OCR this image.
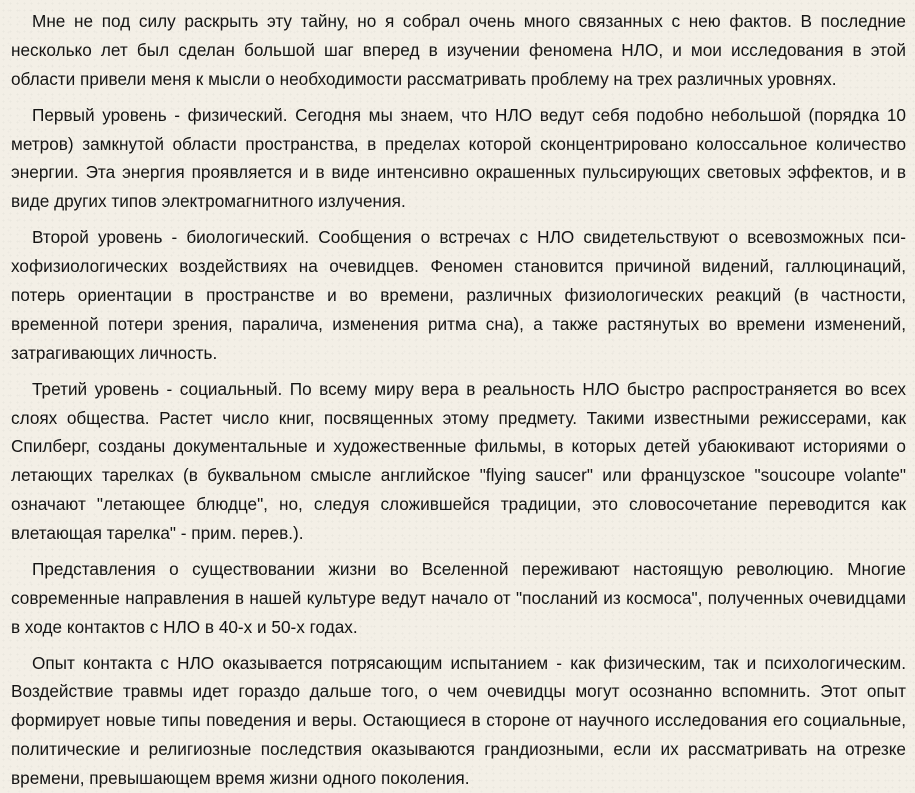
Мне не под силу раскрыть эту тайну, но я собрал очень много связанных с нею фактов. В последние несколько лет был сделан большой шаг вперед в изучении феномена НЛО, и мои исследования в этой области привели меня к мысли о необходимости рассматривать проблему на трех различных уровнях.

Первый уровень - физический. Сегодня мы знаем, что НЛО ведут себя подобно небольшой (порядка 10 метров) замкнутой области пространства, в пределах которой сконцентрировано колоссальное количество энергии. Эта энергия проявляется и в виде интенсивно окрашенных пульсирующих световых эффектов, и в виде других типов электромагнитного излучения.

Второй уровень - биологический. Сообщения о встречах с НЛО свидетельствуют о всевозможных психофизиологических воздействиях на очевидцев. Феномен становится причиной видений, галлюцинаций, потерь ориентации в пространстве и во времени, различных физиологических реакций (в частности, временной потери зрения, паралича, изменения ритма сна), а также растянутых во времени изменений, затрагивающих личность.

Третий уровень - социальный. По всему миру вера в реальность НЛО быстро распространяется во всех слоях общества. Растет число книг, посвященных этому предмету. Такими известными режиссерами, как Спилберг, созданы документальные и художественные фильмы, в которых детей убаюкивают историями о летающих тарелках (в буквальном смысле английское "flying saucer" или французское "soucoupe volante" означают "летающее блюдце", но, следуя сложившейся традиции, это словосочетание переводится как влетающая тарелка" - прим. перев.).

Представления о существовании жизни во Вселенной переживают настоящую революцию. Многие современные направления в нашей культуре ведут начало от "посланий из космоса", полученных очевидцами в ходе контактов с НЛО в 40-х и 50-х годах.

Опыт контакта с НЛО оказывается потрясающим испытанием - как физическим, так и психологическим. Воздействие травмы идет гораздо дальше того, о чем очевидцы могут осознанно вспомнить. Этот опыт формирует новые типы поведения и веры. Остающиеся в стороне от научного исследования его социальные, политические и религиозные последствия оказываются грандиозными, если их рассматривать на отрезке времени, превышающем время жизни одного поколения.
